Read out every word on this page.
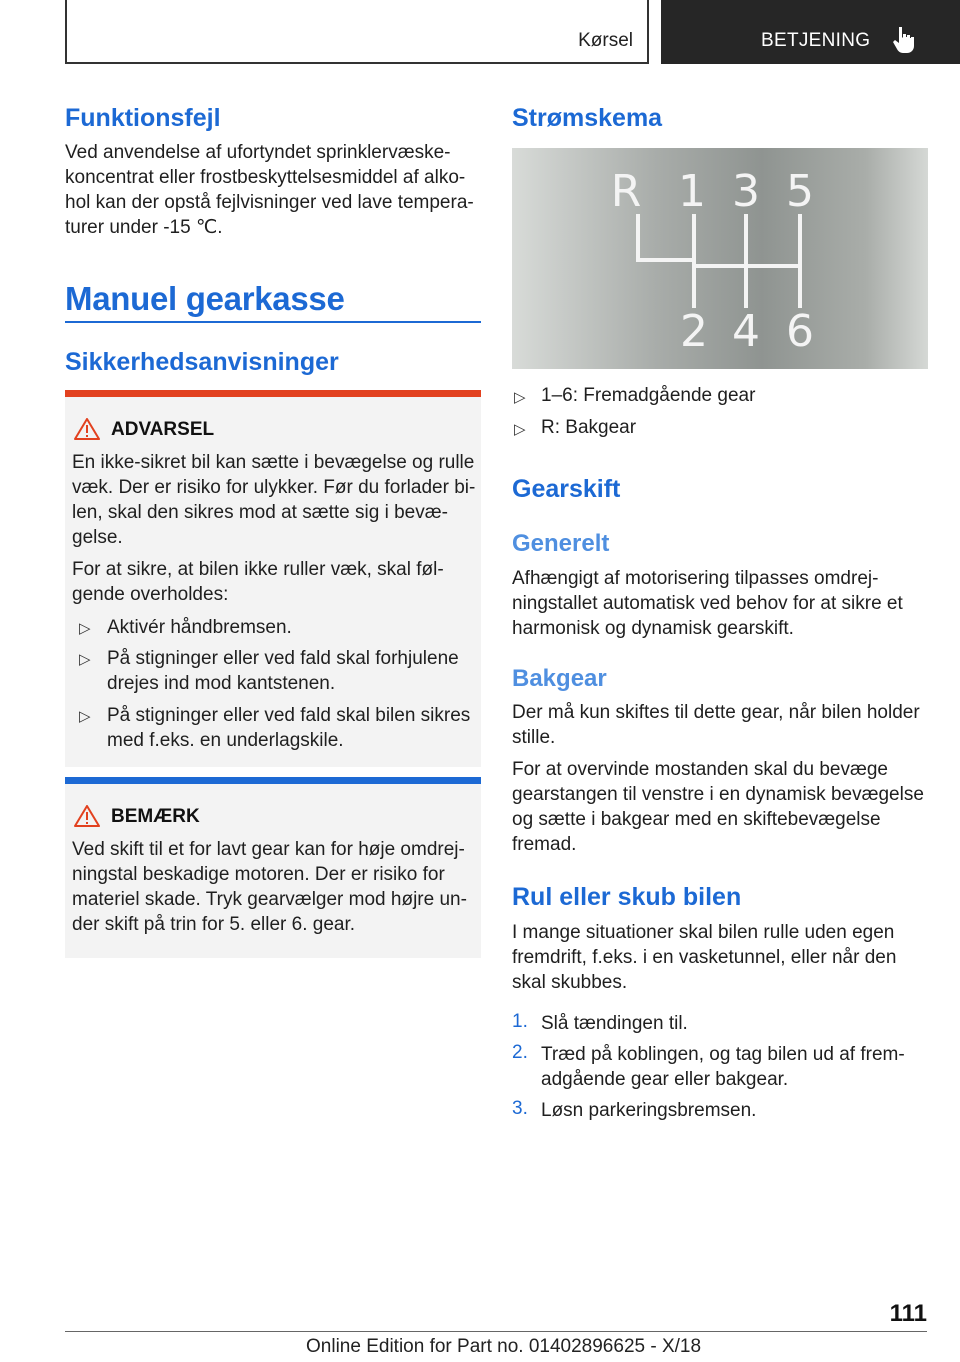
Kørsel	BETJENING
Funktionsfejl
Ved anvendelse af ufortyndet sprinklervæske-
koncentrat eller frostbeskyttelsesmiddel af alko-
hol kan der opstå fejlvisninger ved lave tempera-
turer under -15 ℃.
Manuel gearkasse
Sikkerhedsanvisninger
ADVARSEL
En ikke-sikret bil kan sætte i bevægelse og rulle
væk. Der er risiko for ulykker. Før du forlader bi-
len, skal den sikres mod at sætte sig i bevæ-
gelse.
For at sikre, at bilen ikke ruller væk, skal føl-
gende overholdes:
▷ Aktivér håndbremsen.
▷ På stigninger eller ved fald skal forhjulene
drejes ind mod kantstenen.
▷ På stigninger eller ved fald skal bilen sikres
med f.eks. en underlagskile.
BEMÆRK
Ved skift til et for lavt gear kan for høje omdrej-
ningstal beskadige motoren. Der er risiko for
materiel skade. Tryk gearvælger mod højre un-
der skift på trin for 5. eller 6. gear.
Strømskema
R 1 3 5
2 4 6
▷ 1–6: Fremadgående gear
▷ R: Bakgear
Gearskift
Generelt
Afhængigt af motorisering tilpasses omdrej-
ningstallet automatisk ved behov for at sikre et
harmonisk og dynamisk gearskift.
Bakgear
Der må kun skiftes til dette gear, når bilen holder
stille.
For at overvinde mostanden skal du bevæge
gearstangen til venstre i en dynamisk bevægelse
og sætte i bakgear med en skiftebevægelse
fremad.
Rul eller skub bilen
I mange situationer skal bilen rulle uden egen
fremdrift, f.eks. i en vasketunnel, eller når den
skal skubbes.
1. Slå tændingen til.
2. Træd på koblingen, og tag bilen ud af frem-
adgående gear eller bakgear.
3. Løsn parkeringsbremsen.
111
Online Edition for Part no. 01402896625 - X/18
